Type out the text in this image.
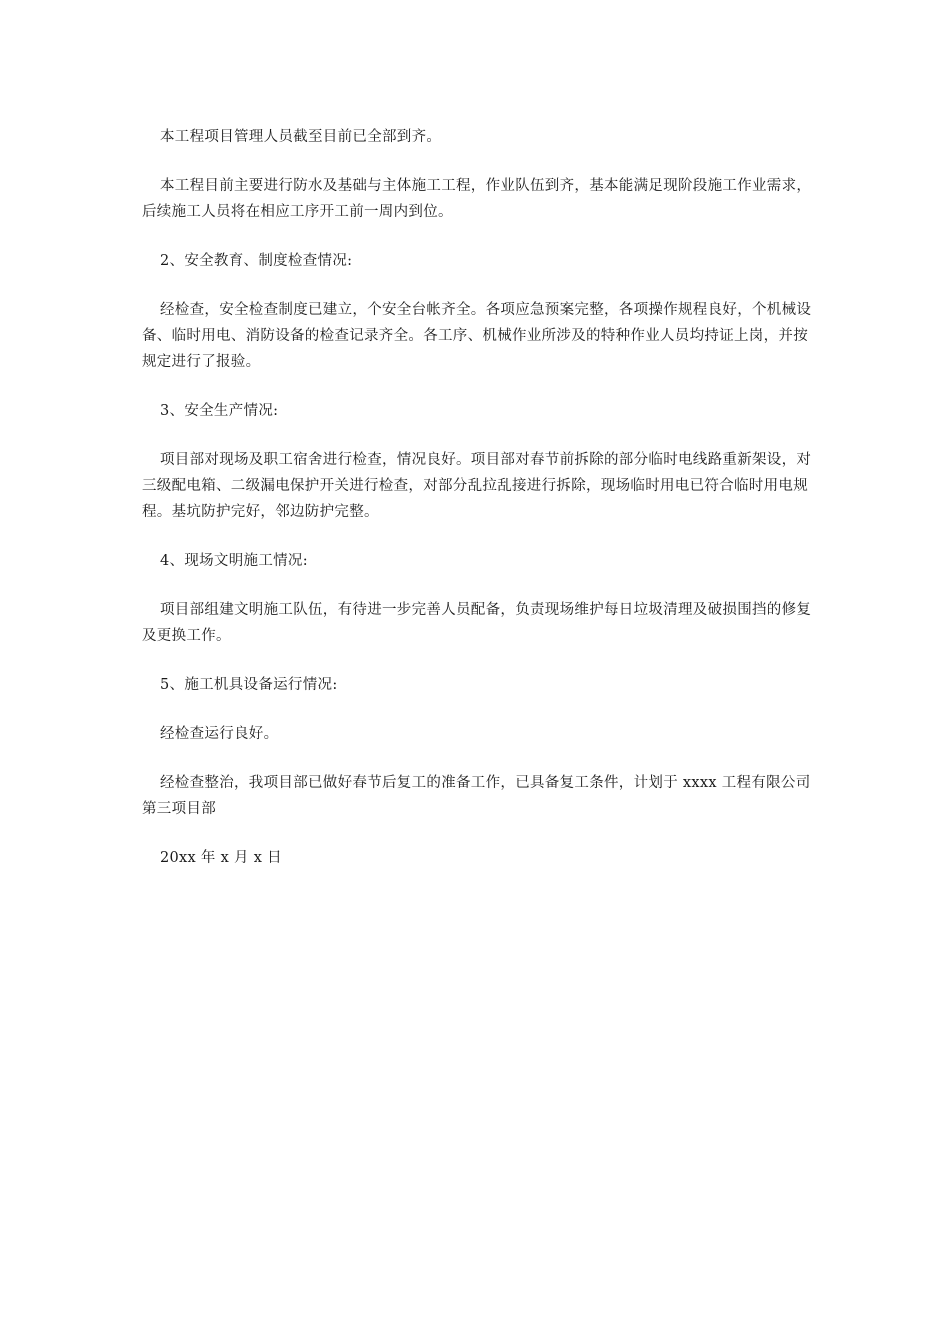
本工程项目管理人员截至目前已全部到齐。

本工程目前主要进行防水及基础与主体施工工程，作业队伍到齐，基本能满足现阶段施工作业需求，后续施工人员将在相应工序开工前一周内到位。

2、安全教育、制度检查情况:

经检查，安全检查制度已建立，个安全台帐齐全。各项应急预案完整，各项操作规程良好，个机械设备、临时用电、消防设备的检查记录齐全。各工序、机械作业所涉及的特种作业人员均持证上岗，并按规定进行了报验。

3、安全生产情况:

项目部对现场及职工宿舍进行检查，情况良好。项目部对春节前拆除的部分临时电线路重新架设，对三级配电箱、二级漏电保护开关进行检查，对部分乱拉乱接进行拆除，现场临时用电已符合临时用电规程。基坑防护完好，邻边防护完整。

4、现场文明施工情况:

项目部组建文明施工队伍，有待进一步完善人员配备，负责现场维护每日垃圾清理及破损围挡的修复及更换工作。

5、施工机具设备运行情况:

经检查运行良好。

经检查整治，我项目部已做好春节后复工的准备工作，已具备复工条件，计划于 xxxx 工程有限公司第三项目部

20xx 年 x 月 x 日
